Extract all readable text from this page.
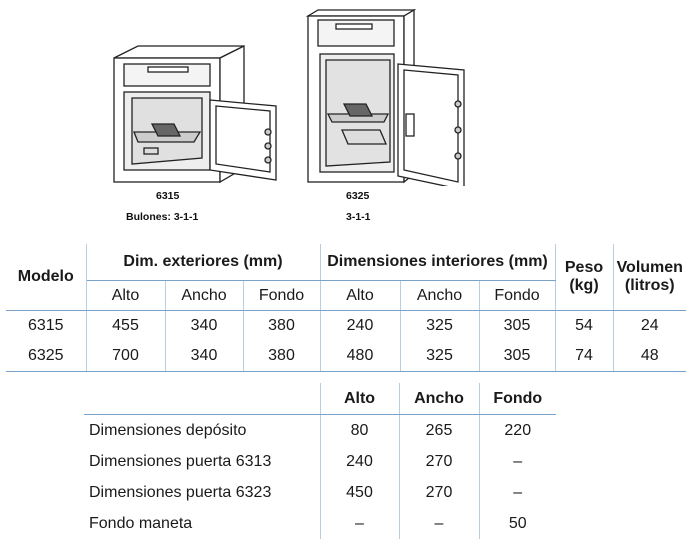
6315
Bulones: 3-1-1
6325
3-1-1
Modelo	Dim. exteriores (mm)			Dimensiones interiores (mm)			Peso (kg)	Volumen (litros)
	Alto	Ancho	Fondo	Alto	Ancho	Fondo		
6315	455	340	380	240	325	305	54	24
6325	700	340	380	480	325	305	74	48
	Alto	Ancho	Fondo
Dimensiones depósito	80	265	220
Dimensiones puerta 6313	240	270	–
Dimensiones puerta 6323	450	270	–
Fondo maneta	–	–	50
